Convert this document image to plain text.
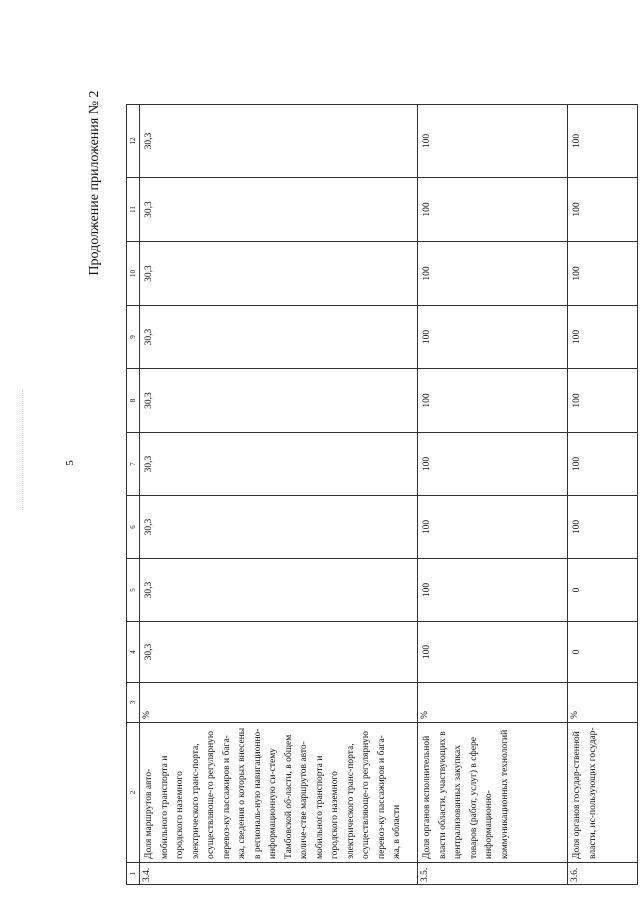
5
Продолжение приложения № 2
1	2	3	4	5	6	7	8	9	10	11	12
3.4.	Доля маршрутов авто-мобильного транспорта и городского наземного электрического транс-порта, осуществляюще-го регулярную перевоз-ку пассажиров и бага-жа, сведения о которых внесены в региональ-ную навигационно-информационную си-стему Тамбовской об-ласти, в общем количе-стве маршрутов авто-мобильного транспорта и городского наземного электрического транс-порта, осуществляюще-го регулярную перевоз-ку пассажиров и бага-жа, в области	%	30,3	30,3	30,3	30,3	30,3	30,3	30,3	30,3	30,3
3.5.	Доля органов исполнительной власти области, участвующих в централизованных закупках товаров (работ, услуг) в сфере информационно-коммуникационных технологий	%	100	100	100	100	100	100	100	100	100
3.6.	Доля органов государ-ственной власти, ис-пользующих государ-	%	0	0	100	100	100	100	100	100	100
